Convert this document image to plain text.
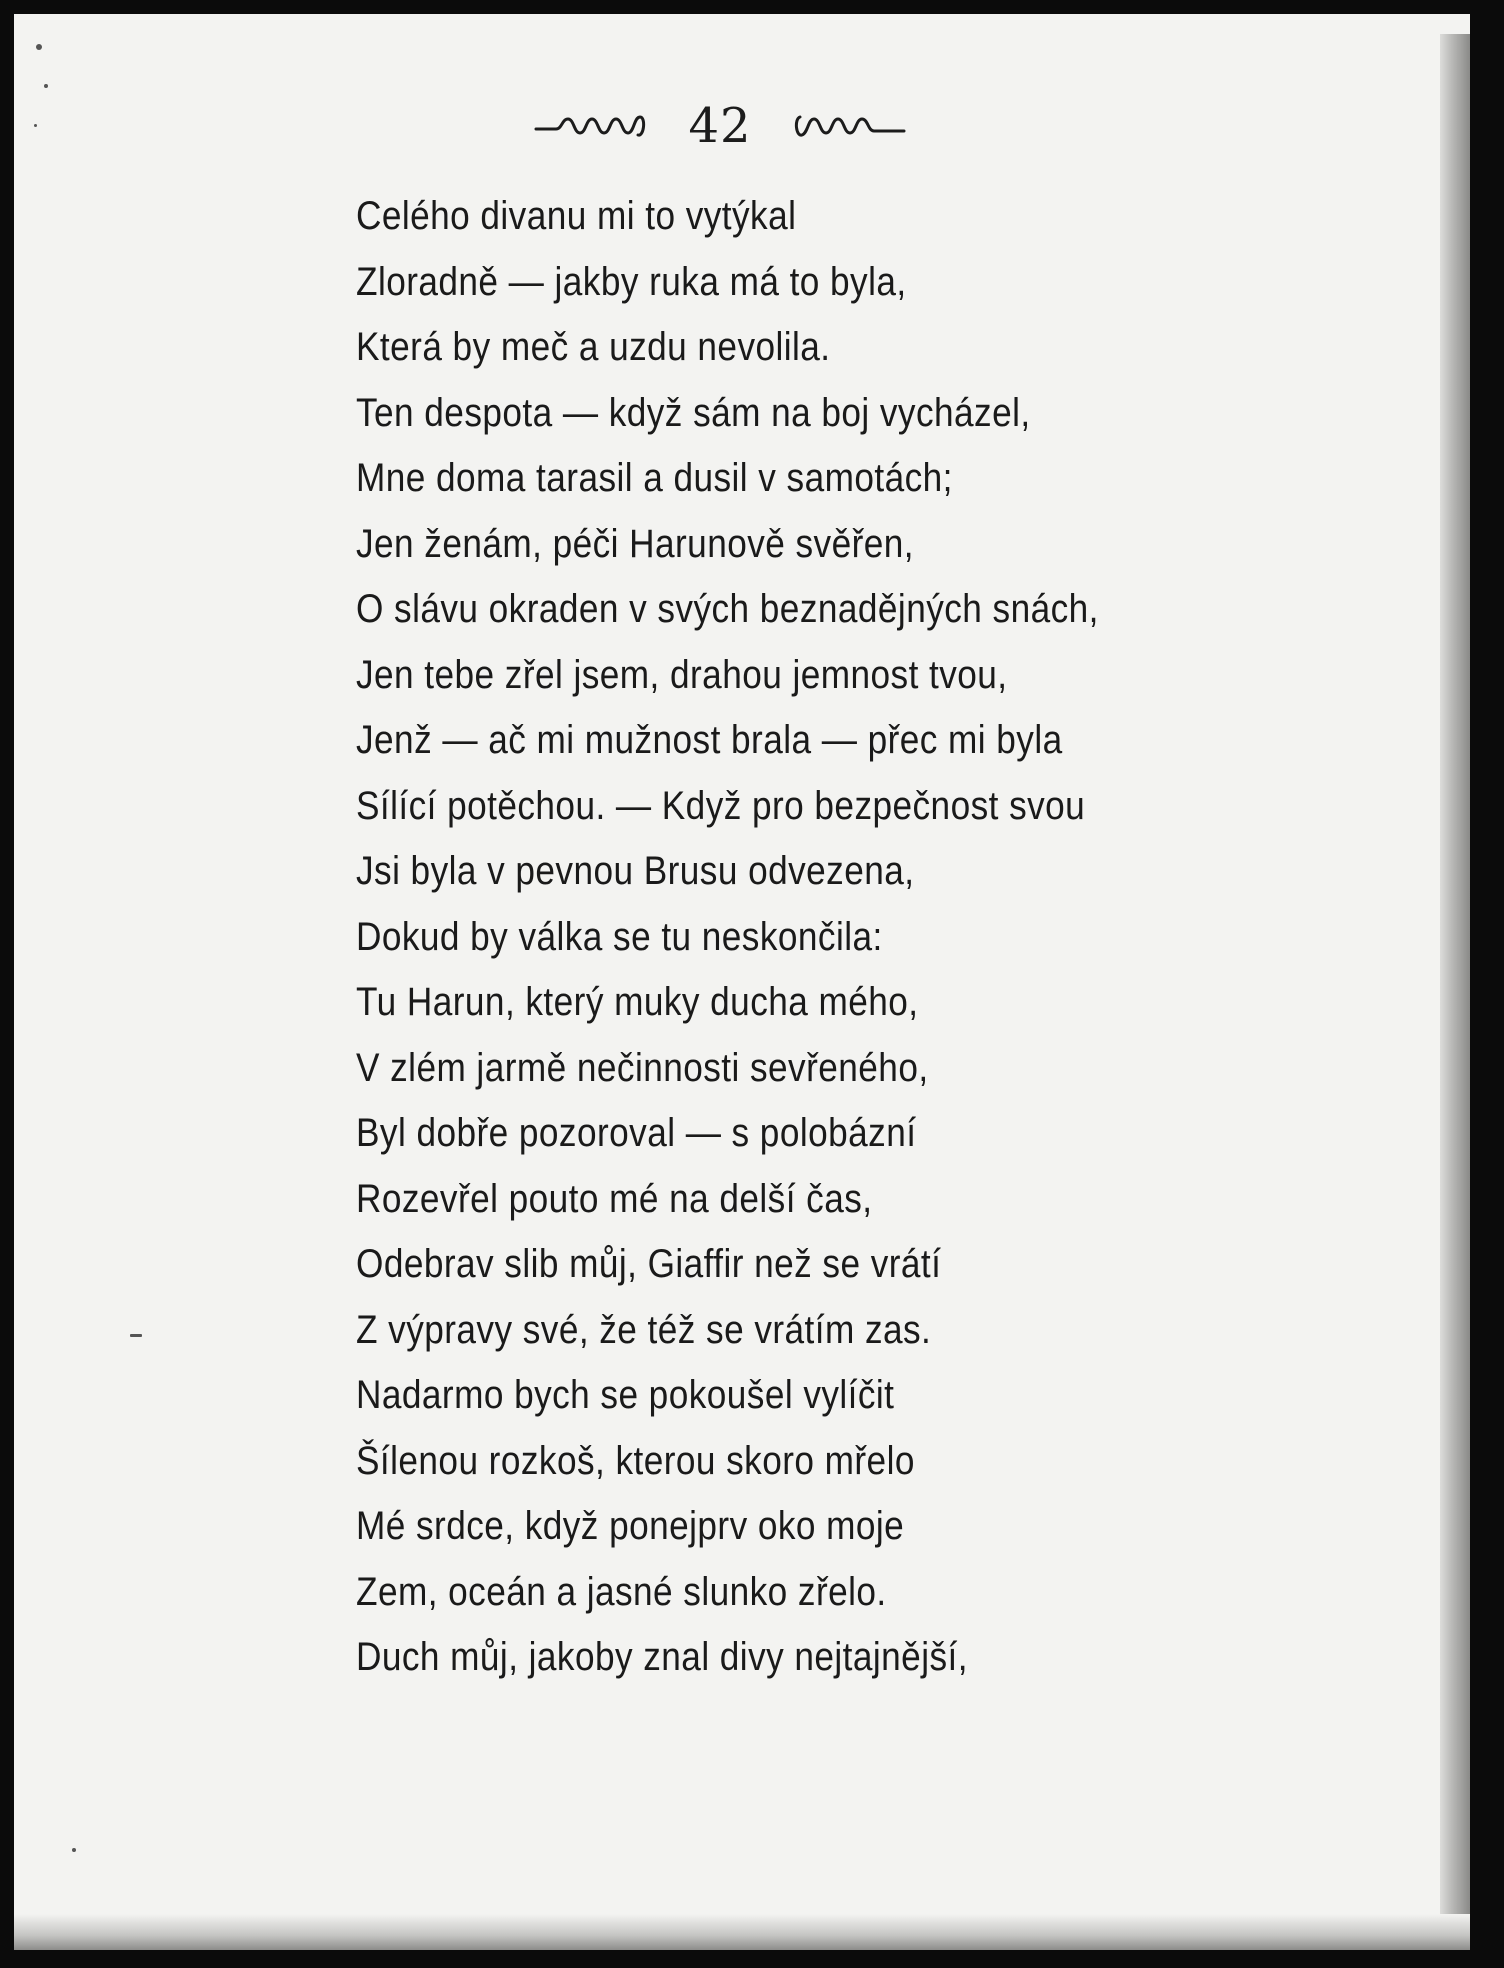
42
Celého divanu mi to vytýkal
Zloradně — jakby ruka má to byla,
Která by meč a uzdu nevolila.
Ten despota — když sám na boj vycházel,
Mne doma tarasil a dusil v samotách;
Jen ženám, péči Harunově svěřen,
O slávu okraden v svých beznadějných snách,
Jen tebe zřel jsem, drahou jemnost tvou,
Jenž — ač mi mužnost brala — přec mi byla
Sílící potěchou. — Když pro bezpečnost svou
Jsi byla v pevnou Brusu odvezena,
Dokud by válka se tu neskončila:
Tu Harun, který muky ducha mého,
V zlém jarmě nečinnosti sevřeného,
Byl dobře pozoroval — s polobázní
Rozevřel pouto mé na delší čas,
Odebrav slib můj, Giaffir než se vrátí
Z výpravy své, že též se vrátím zas.
Nadarmo bych se pokoušel vylíčit
Šílenou rozkoš, kterou skoro mřelo
Mé srdce, když ponejprv oko moje
Zem, oceán a jasné slunko zřelo.
Duch můj, jakoby znal divy nejtajnější,
